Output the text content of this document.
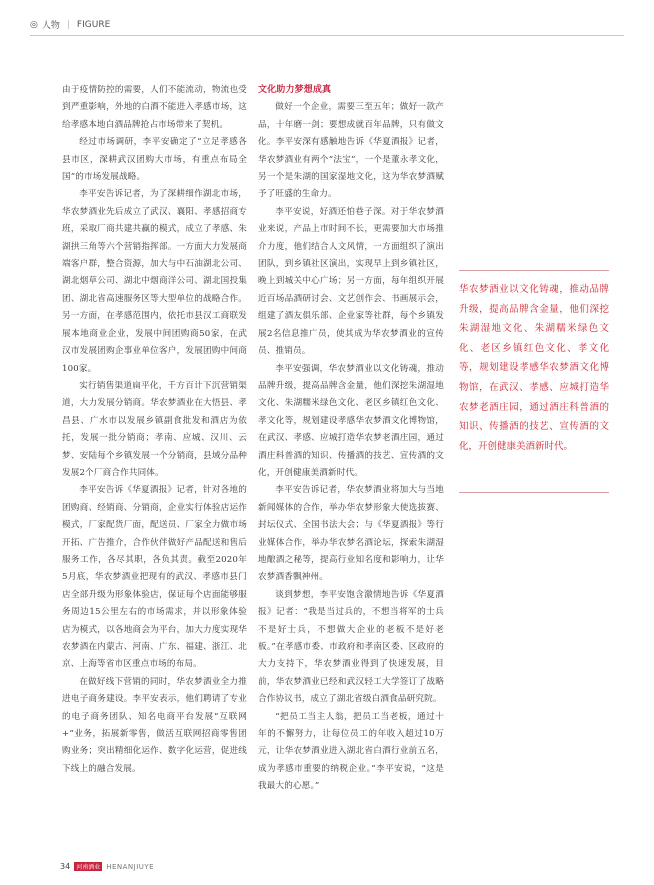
◎ 人物 | FIGURE

由于疫情防控的需要，人们不能流动，物流也受到严重影响，外地的白酒不能进入孝感市场，这给孝感本地白酒品牌抢占市场带来了契机。

经过市场调研，李平安确定了“立足孝感各县市区，深耕武汉团购大市场，有重点布局全国”的市场发展战略。

李平安告诉记者，为了深耕细作湖北市场，华农梦酒业先后成立了武汉、襄阳、孝感招商专班，采取厂商共建共赢的模式，成立了孝感、朱湖拱三角等六个营销指挥部。一方面大力发展商端客户群，整合资源，加大与中石油湖北公司、湖北烟草公司、湖北中烟商洋公司、湖北国投集团、湖北省高速服务区等大型单位的战略合作。另一方面，在孝感范围内，依托市县汉工商联发展本地商业企业，发展中间团购商50家，在武汉市发展团购企事业单位客户，发展团购中间商100家。

实行销售渠道扁平化，千方百计下沉营销渠道，大力发展分销商。华农梦酒业在大悟县、孝昌县、广水市以发展乡镇副食批发和酒店为依托，发展一批分销商；孝南、应城、汉川、云梦、安陆每个乡镇发展一个分销商，县域分品种发展2个厂商合作共同体。

李平安告诉《华夏酒报》记者，针对各地的团购商、经销商、分销商，企业实行体验店运作模式，厂家配货厂面，配送员、厂家全力做市场开拓、广告推介，合作伙伴做好产品配送和售后服务工作，各尽其职，各负其责。截至2020年5月底，华农梦酒业把现有的武汉、孝感市县门店全部升级为形象体验店，保证每个店面能够服务周边15公里左右的市场需求，并以形象体验店为模式，以各地商会为平台，加大力度实现华农梦酒在内蒙古、河南、广东、福建、浙江、北京、上海等省市区重点市场的布局。

在做好线下营销的同时，华农梦酒业全力推进电子商务建设。李平安表示，他们聘请了专业的电子商务团队、知名电商平台发展“互联网+”业务，拓展新零售，做活互联网招商零售团购业务；突出精细化运作、数字化运营，促进线下线上的融合发展。

文化助力梦想成真

做好一个企业，需要三至五年；做好一款产品，十年磨一剑；要想成就百年品牌，只有做文化。李平安深有感触地告诉《华夏酒报》记者，华农梦酒业有两个“法宝”，一个是董永孝文化，另一个是朱湖的国家湿地文化，这为华农梦酒赋予了旺盛的生命力。

李平安说，好酒还怕巷子深。对于华农梦酒业来说，产品上市时间不长，更需要加大市场推介力度，他们结合人文风情，一方面组织了演出团队，到乡镇社区演出，实现早上到乡镇社区，晚上到城关中心广场；另一方面，每年组织开展近百场品酒研讨会、文艺创作会、书画展示会，组建了酒友俱乐部、企业家等社群，每个乡镇发展2名信息推广员，使其成为华农梦酒业的宣传员、推销员。

李平安强调，华农梦酒业以文化铸魂，推动品牌升级，提高品牌含金量，他们深挖朱湖湿地文化、朱湖糯米绿色文化、老区乡镇红色文化、孝文化等，规划建设孝感华农梦酒文化博物馆，在武汉、孝感、应城打造华农梦老酒庄园，通过酒庄科普酒的知识、传播酒的技艺、宣传酒的文化，开创健康美酒新时代。

李平安告诉记者，华农梦酒业将加大与当地新闻媒体的合作，举办华农梦形象大使选拔赛、封坛仪式、全国书法大会；与《华夏酒报》等行业媒体合作，举办华农梦名酒论坛，探索朱湖湿地酿酒之秘等，提高行业知名度和影响力，让华农梦酒香飘神州。

谈到梦想，李平安饱含激情地告诉《华夏酒报》记者：“我是当过兵的，不想当将军的士兵不是好士兵，不想做大企业的老板不是好老板。”在孝感市委、市政府和孝南区委、区政府的大力支持下，华农梦酒业得到了快速发展，目前，华农梦酒业已经和武汉轻工大学签订了战略合作协议书，成立了湖北省级白酒食品研究院。

“把员工当主人翁，把员工当老板，通过十年的不懈努力，让每位员工的年收入超过10万元，让华农梦酒业进入湖北省白酒行业前五名，成为孝感市重要的纳税企业。”李平安说，“这是我最大的心愿。”

华农梦酒业以文化铸魂，推动品牌升级，提高品牌含金量，他们深挖朱湖湿地文化、朱湖糯米绿色文化、老区乡镇红色文化、孝文化等，规划建设孝感华农梦酒文化博物馆，在武汉、孝感、应城打造华农梦老酒庄园，通过酒庄科普酒的知识、传播酒的技艺、宣传酒的文化，开创健康美酒新时代。
34	河南酒业 HENANJIUYE
